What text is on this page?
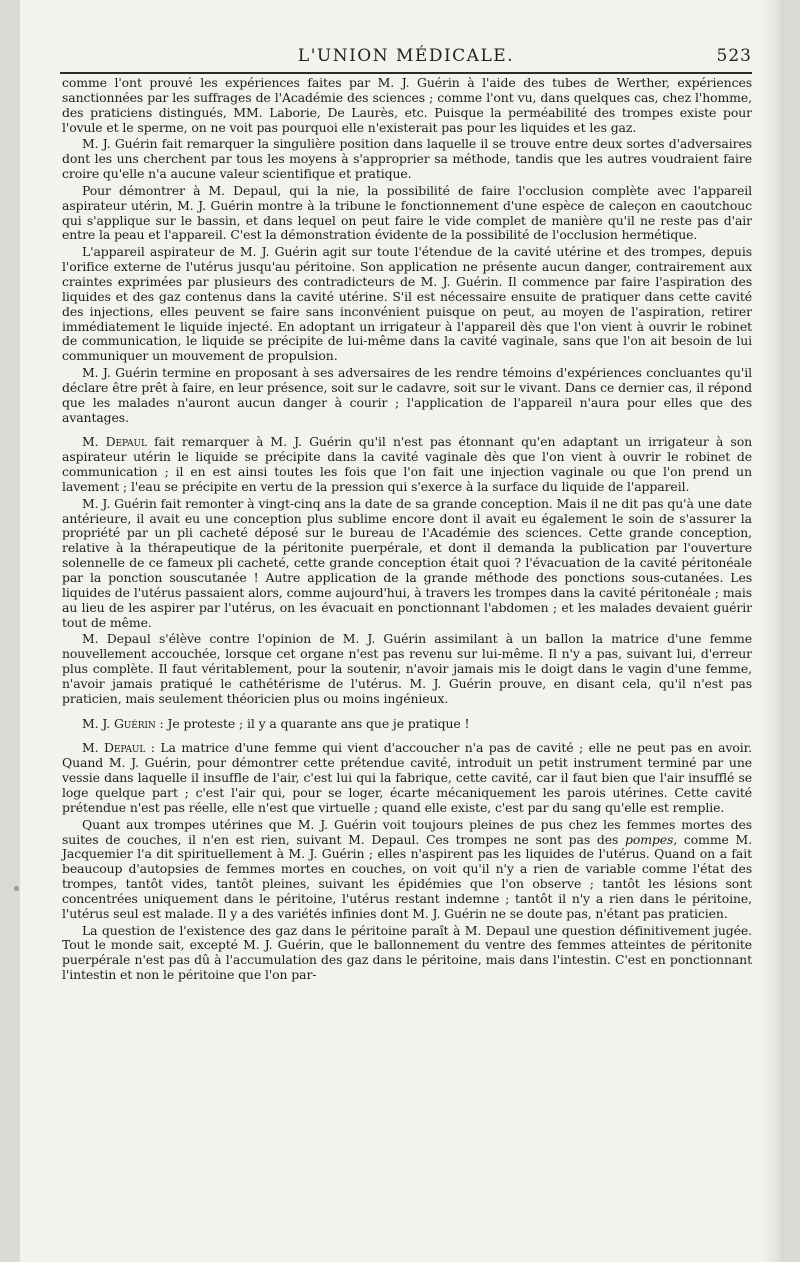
L'UNION MÉDICALE.	523

comme l'ont prouvé les expériences faites par M. J. Guérin à l'aide des tubes de Werther, expériences sanctionnées par les suffrages de l'Académie des sciences ; comme l'ont vu, dans quelques cas, chez l'homme, des praticiens distingués, MM. Laborie, De Laurès, etc. Puisque la perméabilité des trompes existe pour l'ovule et le sperme, on ne voit pas pourquoi elle n'existerait pas pour les liquides et les gaz.

M. J. Guérin fait remarquer la singulière position dans laquelle il se trouve entre deux sortes d'adversaires dont les uns cherchent par tous les moyens à s'approprier sa méthode, tandis que les autres voudraient faire croire qu'elle n'a aucune valeur scientifique et pratique.

Pour démontrer à M. Depaul, qui la nie, la possibilité de faire l'occlusion complète avec l'appareil aspirateur utérin, M. J. Guérin montre à la tribune le fonctionnement d'une espèce de caleçon en caoutchouc qui s'applique sur le bassin, et dans lequel on peut faire le vide complet de manière qu'il ne reste pas d'air entre la peau et l'appareil. C'est la démonstration évidente de la possibilité de l'occlusion hermétique.

L'appareil aspirateur de M. J. Guérin agit sur toute l'étendue de la cavité utérine et des trompes, depuis l'orifice externe de l'utérus jusqu'au péritoine. Son application ne présente aucun danger, contrairement aux craintes exprimées par plusieurs des contradicteurs de M. J. Guérin. Il commence par faire l'aspiration des liquides et des gaz contenus dans la cavité utérine. S'il est nécessaire ensuite de pratiquer dans cette cavité des injections, elles peuvent se faire sans inconvénient puisque on peut, au moyen de l'aspiration, retirer immédiatement le liquide injecté. En adoptant un irrigateur à l'appareil dès que l'on vient à ouvrir le robinet de communication, le liquide se précipite de lui-même dans la cavité vaginale, sans que l'on ait besoin de lui communiquer un mouvement de propulsion.

M. J. Guérin termine en proposant à ses adversaires de les rendre témoins d'expériences concluantes qu'il déclare être prêt à faire, en leur présence, soit sur le cadavre, soit sur le vivant. Dans ce dernier cas, il répond que les malades n'auront aucun danger à courir ; l'application de l'appareil n'aura pour elles que des avantages.

M. Depaul fait remarquer à M. J. Guérin qu'il n'est pas étonnant qu'en adaptant un irrigateur à son aspirateur utérin le liquide se précipite dans la cavité vaginale dès que l'on vient à ouvrir le robinet de communication ; il en est ainsi toutes les fois que l'on fait une injection vaginale ou que l'on prend un lavement ; l'eau se précipite en vertu de la pression qui s'exerce à la surface du liquide de l'appareil.

M. J. Guérin fait remonter à vingt-cinq ans la date de sa grande conception. Mais il ne dit pas qu'à une date antérieure, il avait eu une conception plus sublime encore dont il avait eu également le soin de s'assurer la propriété par un pli cacheté déposé sur le bureau de l'Académie des sciences. Cette grande conception, relative à la thérapeutique de la péritonite puerpérale, et dont il demanda la publication par l'ouverture solennelle de ce fameux pli cacheté, cette grande conception était quoi ? l'évacuation de la cavité péritonéale par la ponction souscutanée ! Autre application de la grande méthode des ponctions sous-cutanées. Les liquides de l'utérus passaient alors, comme aujourd'hui, à travers les trompes dans la cavité péritonéale ; mais au lieu de les aspirer par l'utérus, on les évacuait en ponctionnant l'abdomen ; et les malades devaient guérir tout de même.

M. Depaul s'élève contre l'opinion de M. J. Guérin assimilant à un ballon la matrice d'une femme nouvellement accouchée, lorsque cet organe n'est pas revenu sur lui-même. Il n'y a pas, suivant lui, d'erreur plus complète. Il faut véritablement, pour la soutenir, n'avoir jamais mis le doigt dans le vagin d'une femme, n'avoir jamais pratiqué le cathétérisme de l'utérus. M. J. Guérin prouve, en disant cela, qu'il n'est pas praticien, mais seulement théoricien plus ou moins ingénieux.

M. J. Guérin : Je proteste ; il y a quarante ans que je pratique !

M. Depaul : La matrice d'une femme qui vient d'accoucher n'a pas de cavité ; elle ne peut pas en avoir. Quand M. J. Guérin, pour démontrer cette prétendue cavité, introduit un petit instrument terminé par une vessie dans laquelle il insuffle de l'air, c'est lui qui la fabrique, cette cavité, car il faut bien que l'air insufflé se loge quelque part ; c'est l'air qui, pour se loger, écarte mécaniquement les parois utérines. Cette cavité prétendue n'est pas réelle, elle n'est que virtuelle ; quand elle existe, c'est par du sang qu'elle est remplie.

Quant aux trompes utérines que M. J. Guérin voit toujours pleines de pus chez les femmes mortes des suites de couches, il n'en est rien, suivant M. Depaul. Ces trompes ne sont pas des pompes, comme M. Jacquemier l'a dit spirituellement à M. J. Guérin ; elles n'aspirent pas les liquides de l'utérus. Quand on a fait beaucoup d'autopsies de femmes mortes en couches, on voit qu'il n'y a rien de variable comme l'état des trompes, tantôt vides, tantôt pleines, suivant les épidémies que l'on observe ; tantôt les lésions sont concentrées uniquement dans le péritoine, l'utérus restant indemne ; tantôt il n'y a rien dans le péritoine, l'utérus seul est malade. Il y a des variétés infinies dont M. J. Guérin ne se doute pas, n'étant pas praticien.

La question de l'existence des gaz dans le péritoine paraît à M. Depaul une question définitivement jugée. Tout le monde sait, excepté M. J. Guérin, que le ballonnement du ventre des femmes atteintes de péritonite puerpérale n'est pas dû à l'accumulation des gaz dans le péritoine, mais dans l'intestin. C'est en ponctionnant l'intestin et non le péritoine que l'on par-
